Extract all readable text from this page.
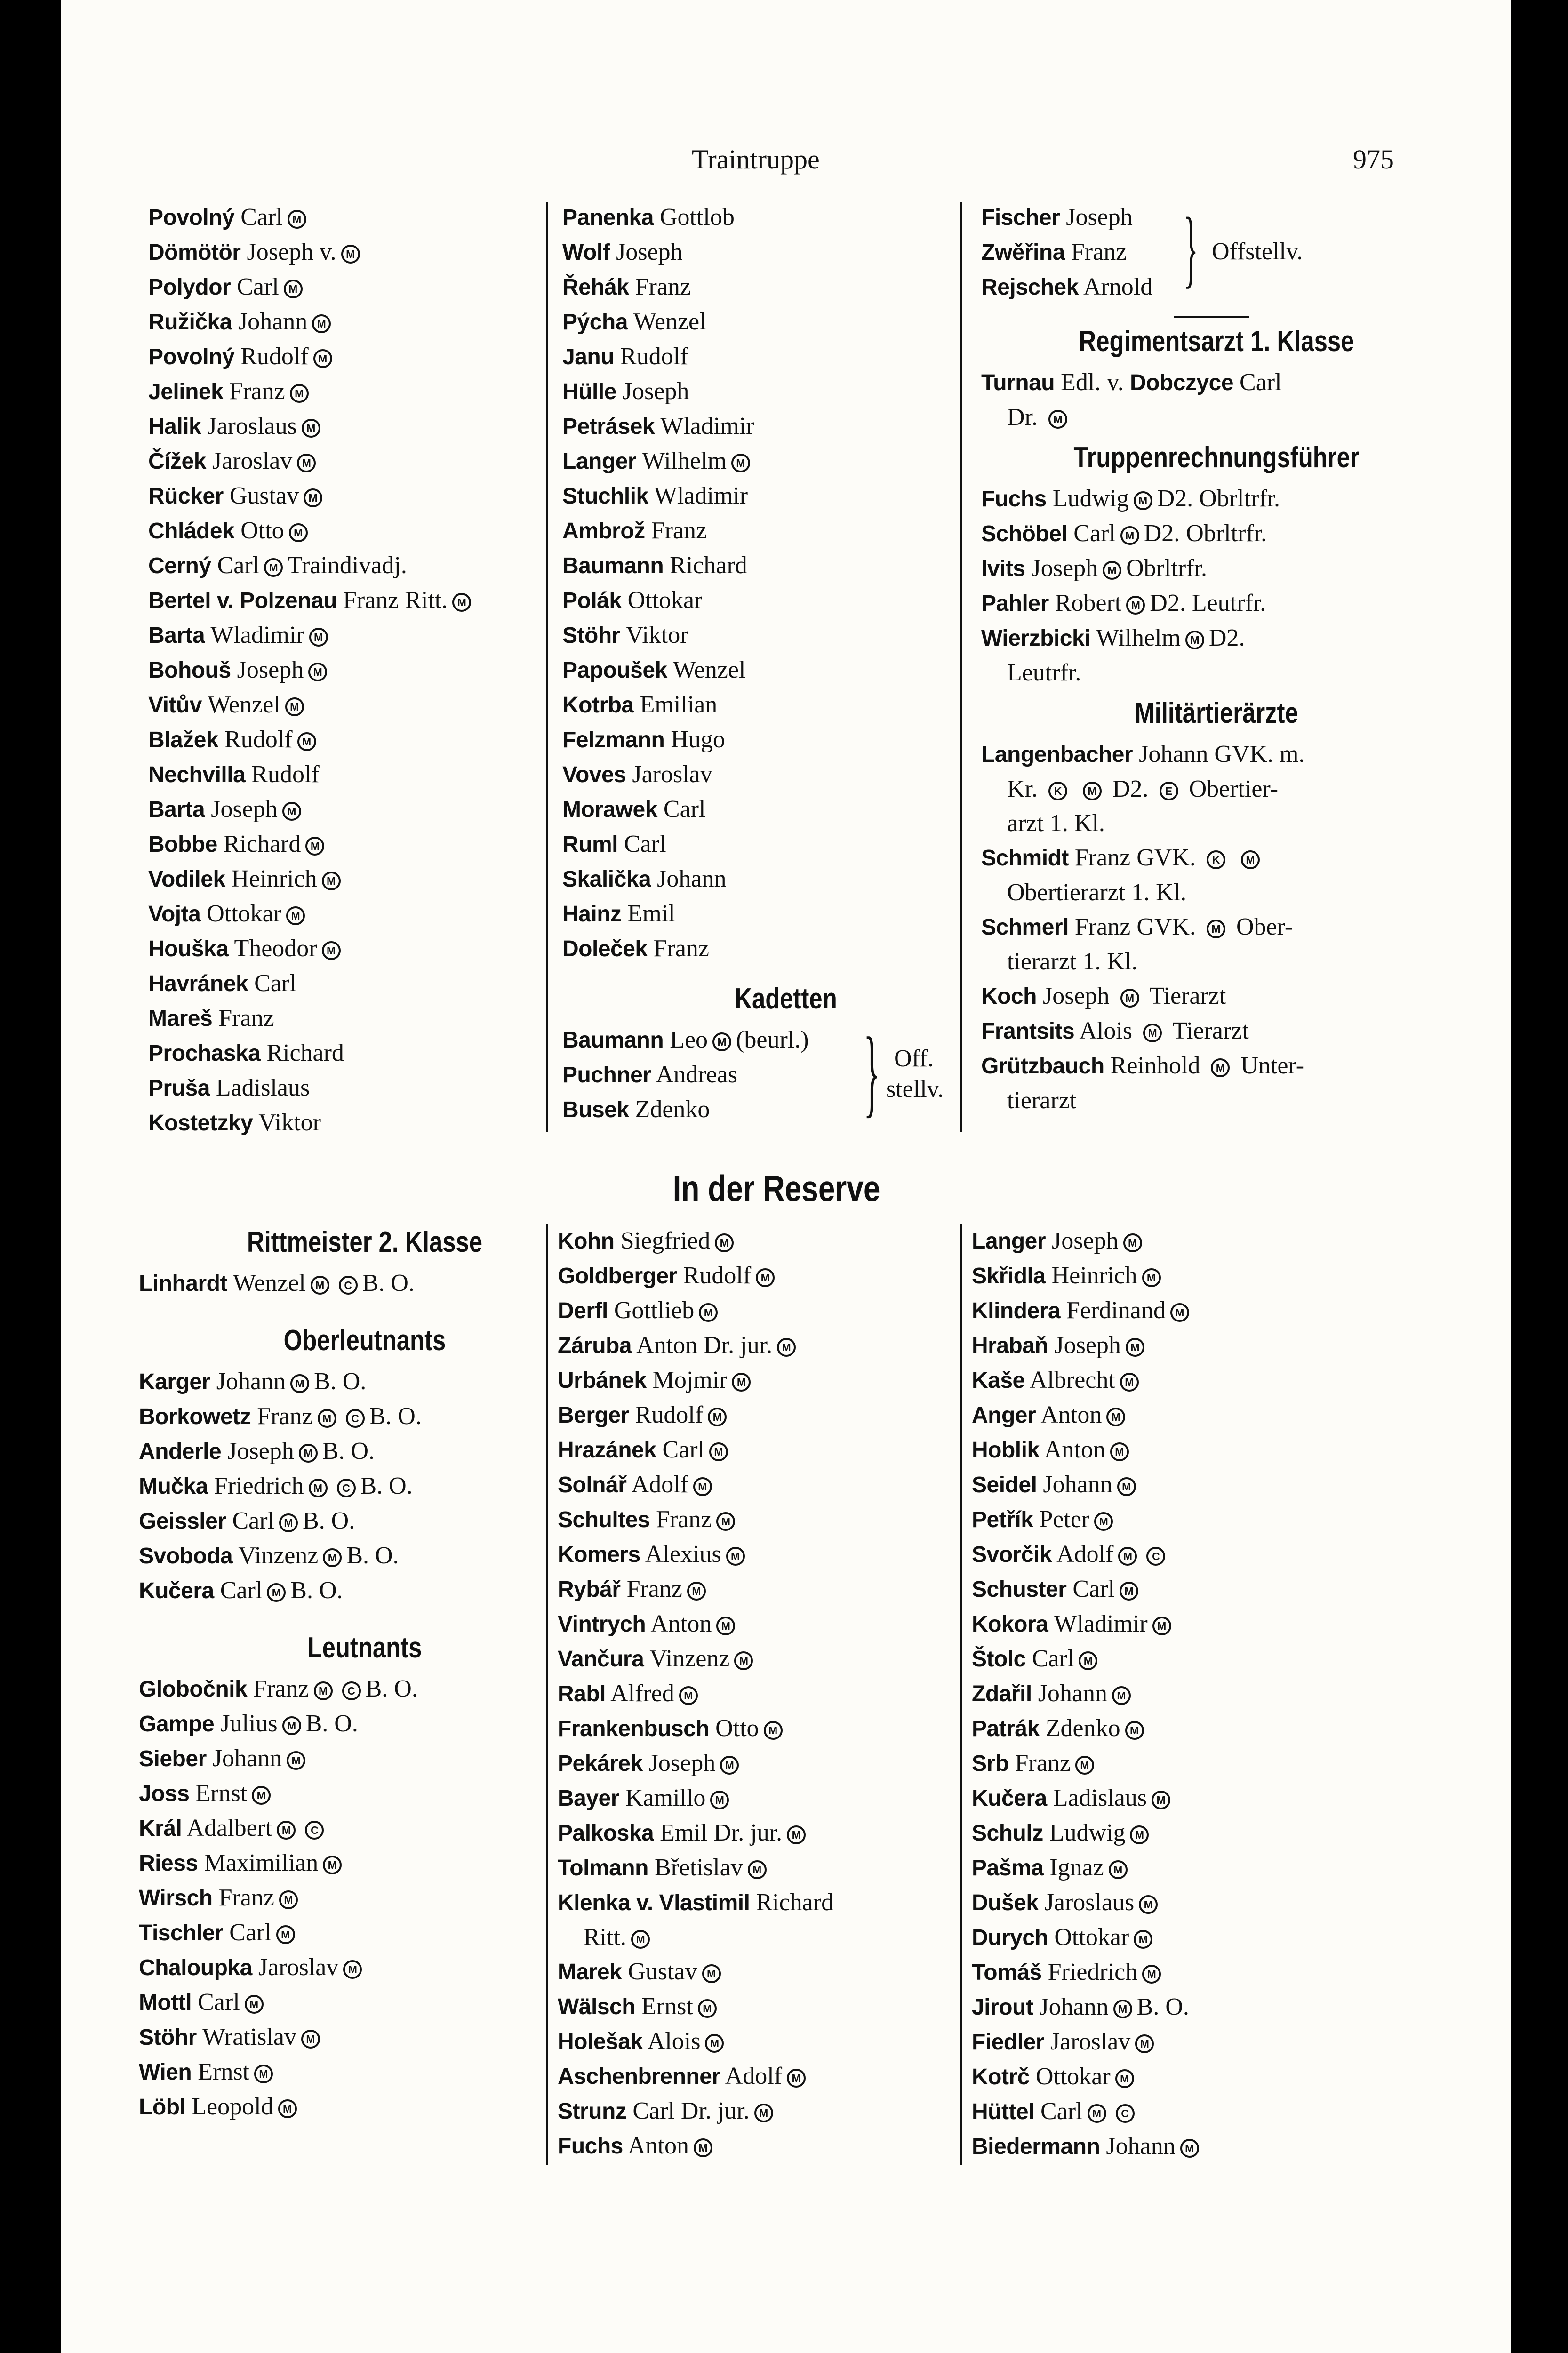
Traintruppe	975
Povolný Carl M
Dömötör Joseph v. M
Polydor Carl M
Ružička Johann M
Povolný Rudolf M
Jelinek Franz M
Halik Jaroslaus M
Čížek Jaroslav M
Rücker Gustav M
Chládek Otto M
Cerný Carl M Traindivadj.
Bertel v. Polzenau Franz Ritt. M
Barta Wladimir M
Bohouš Joseph M
Vitův Wenzel M
Blažek Rudolf M
Nechvilla Rudolf
Barta Joseph M
Bobbe Richard M
Vodilek Heinrich M
Vojta Ottokar M
Houška Theodor M
Havránek Carl
Mareš Franz
Prochaska Richard
Pruša Ladislaus
Kostetzky Viktor
Panenka Gottlob
Wolf Joseph
Řehák Franz
Pýcha Wenzel
Janu Rudolf
Hülle Joseph
Petrásek Wladimir
Langer Wilhelm M
Stuchlik Wladimir
Ambrož Franz
Baumann Richard
Polák Ottokar
Stöhr Viktor
Papoušek Wenzel
Kotrba Emilian
Felzmann Hugo
Voves Jaroslav
Morawek Carl
Ruml Carl
Skalička Johann
Hainz Emil
Doleček Franz
Kadetten
Baumann Leo M (beurl.)
Puchner Andreas
Busek Zdenko	} Off.
stellv.
Fischer Joseph
Zwěřina Franz
Rejschek Arnold } Offstellv.
Regimentsarzt 1. Klasse
Turnau Edl. v. Dobczyce Carl
Dr. M
Truppenrechnungsführer
Fuchs Ludwig M D2. Obrltrfr.
Schöbel Carl M D2. Obrltrfr.
Ivits Joseph M Obrltrfr.
Pahler Robert M D2. Leutrfr.
Wierzbicki Wilhelm M D2.
Leutrfr.
Militärtierärzte
Langenbacher Johann GVK. m.
Kr. K M D2. E Obertier-
arzt 1. Kl.
Schmidt Franz GVK. K M
Obertierarzt 1. Kl.
Schmerl Franz GVK. M Ober-
tierarzt 1. Kl.
Koch Joseph M Tierarzt
Frantsits Alois M Tierarzt
Grützbauch Reinhold M Unter-
tierarzt
In der Reserve
Rittmeister 2. Klasse
Linhardt Wenzel M C B. O.
Oberleutnants
Karger Johann M B. O.
Borkowetz Franz M C B. O.
Anderle Joseph M B. O.
Mučka Friedrich M C B. O.
Geissler Carl M B. O.
Svoboda Vinzenz M B. O.
Kučera Carl M B. O.
Leutnants
Globočnik Franz M C B. O.
Gampe Julius M B. O.
Sieber Johann M
Joss Ernst M
Král Adalbert M C
Riess Maximilian M
Wirsch Franz M
Tischler Carl M
Chaloupka Jaroslav M
Mottl Carl M
Stöhr Wratislav M
Wien Ernst M
Löbl Leopold M
Kohn Siegfried M
Goldberger Rudolf M
Derfl Gottlieb M
Záruba Anton Dr. jur. M
Urbánek Mojmir M
Berger Rudolf M
Hrazánek Carl M
Solnář Adolf M
Schultes Franz M
Komers Alexius M
Rybář Franz M
Vintrych Anton M
Vančura Vinzenz M
Rabl Alfred M
Frankenbusch Otto M
Pekárek Joseph M
Bayer Kamillo M
Palkoska Emil Dr. jur. M
Tolmann Břetislav M
Klenka v. Vlastimil Richard
Ritt. M
Marek Gustav M
Wälsch Ernst M
Holešak Alois M
Aschenbrenner Adolf M
Strunz Carl Dr. jur. M
Fuchs Anton M
Langer Joseph M
Skřidla Heinrich M
Klindera Ferdinand M
Hrabaň Joseph M
Kaše Albrecht M
Anger Anton M
Hoblik Anton M
Seidel Johann M
Petřík Peter M
Svorčik Adolf M C
Schuster Carl M
Kokora Wladimir M
Štolc Carl M
Zdařil Johann M
Patrák Zdenko M
Srb Franz M
Kučera Ladislaus M
Schulz Ludwig M
Pašma Ignaz M
Dušek Jaroslaus M
Durych Ottokar M
Tomáš Friedrich M
Jirout Johann M B. O.
Fiedler Jaroslav M
Kotrč Ottokar M
Hüttel Carl M C
Biedermann Johann M
